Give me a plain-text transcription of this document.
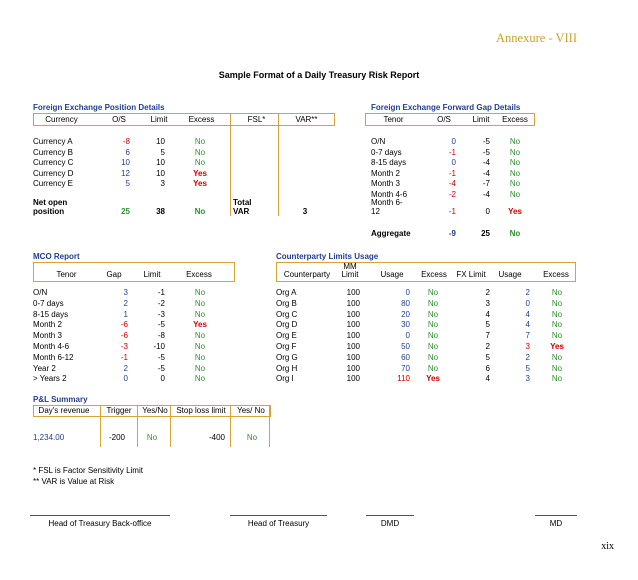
Annexure - VIII
Sample Format of a Daily Treasury Risk Report
Foreign Exchange Position Details
Currency	O/S	Limit	Excess	FSL*	VAR**
Currency A	-8	10	No
Currency B	6	5	No
Currency C	10	10	No
Currency D	12	10	Yes
Currency E	5	3	Yes
Net open
position	25	38	No
Total
VAR	3
Foreign Exchange Forward Gap Details
Tenor	O/S	Limit	Excess
O/N	0	-5	No
0-7 days	-1	-5	No
8-15 days	0	-4	No
Month 2	-1	-4	No
Month 3	-4	-7	No
Month 4-6	-2	-4	No
Month 6-
12	-1	0	Yes
Aggregate	-9	25	No
MCO Report
Tenor	Gap	Limit	Excess
O/N	3	-1	No
0-7 days	2	-2	No
8-15 days	1	-3	No
Month 2	-6	-5	Yes
Month 3	-6	-8	No
Month 4-6	-3	-10	No
Month 6-12	-1	-5	No
Year 2	2	-5	No
> Years 2	0	0	No
Counterparty Limits Usage
Counterparty
MM
Limit	Usage	Excess	FX Limit	Usage	Excess
Org A	100	0	No	2	2	No
Org B	100	80	No	3	0	No
Org C	100	20	No	4	4	No
Org D	100	30	No	5	4	No
Org E	100	0	No	7	7	No
Org F	100	50	No	2	3	Yes
Org G	100	60	No	5	2	No
Org H	100	70	No	6	5	No
Org I	100	110	Yes	4	3	No
P&L Summary
Day's revenue	Trigger	Yes/No	Stop loss limit	Yes/ No
1,234.00	-200	No	-400	No
* FSL is Factor Sensitivity Limit
** VAR is Value at Risk
Head of Treasury Back-office	Head of Treasury	DMD	MD
xix
